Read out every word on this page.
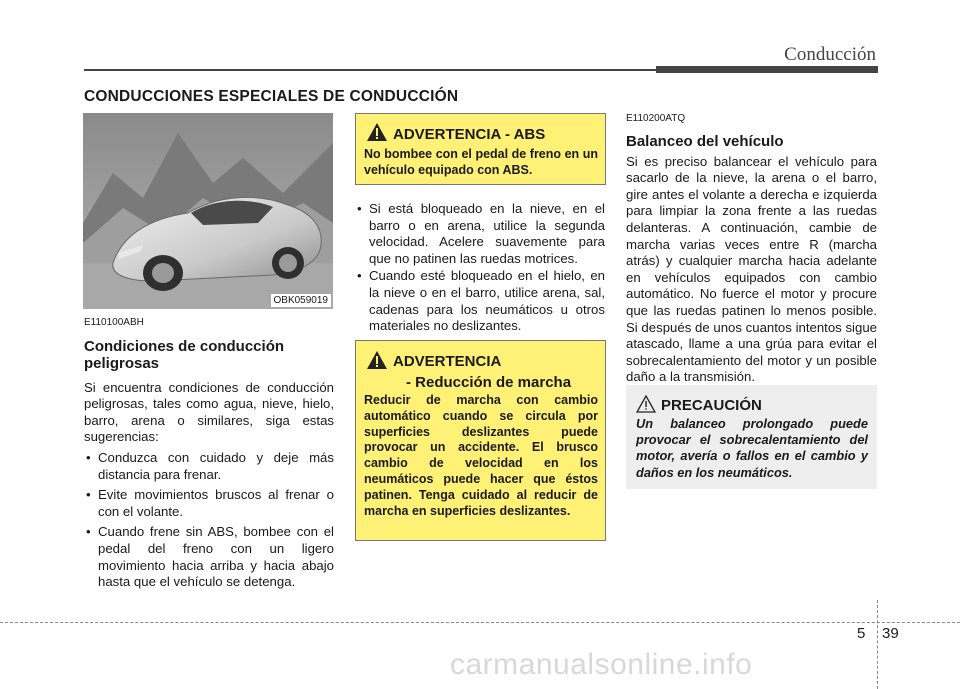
Conducción
CONDUCCIONES ESPECIALES DE CONDUCCIÓN
OBK059019
E110100ABH
Condiciones de conducción peligrosas
Si encuentra condiciones de conducción peligrosas, tales como agua, nieve, hielo, barro, arena o similares, siga estas sugerencias:
• Conduzca con cuidado y deje más distancia para frenar.
• Evite movimientos bruscos al frenar o con el volante.
• Cuando frene sin ABS, bombee con el pedal del freno con un ligero movimiento hacia arriba y hacia abajo hasta que el vehículo se detenga.
ADVERTENCIA - ABS
No bombee con el pedal de freno en un vehículo equipado con ABS.
• Si está bloqueado en la nieve, en el barro o en arena, utilice la segunda velocidad. Acelere suavemente para que no patinen las ruedas motrices.
• Cuando esté bloqueado en el hielo, en la nieve o en el barro, utilice arena, sal, cadenas para los neumáticos u otros materiales no deslizantes.
ADVERTENCIA
- Reducción de marcha
Reducir de marcha con cambio automático cuando se circula por superficies deslizantes puede provocar un accidente. El brusco cambio de velocidad en los neumáticos puede hacer que éstos patinen. Tenga cuidado al reducir de marcha en superficies deslizantes.
E110200ATQ
Balanceo del vehículo
Si es preciso balancear el vehículo para sacarlo de la nieve, la arena o el barro, gire antes el volante a derecha e izquierda para limpiar la zona frente a las ruedas delanteras. A continuación, cambie de marcha varias veces entre R (marcha atrás) y cualquier marcha hacia adelante en vehículos equipados con cambio automático. No fuerce el motor y procure que las ruedas patinen lo menos posible. Si después de unos cuantos intentos sigue atascado, llame a una grúa para evitar el sobrecalentamiento del motor y un posible daño a la transmisión.
PRECAUCIÓN
Un balanceo prolongado puede provocar el sobrecalentamiento del motor, avería o fallos en el cambio y daños en los neumáticos.
5 39
carmanualsonline.info
